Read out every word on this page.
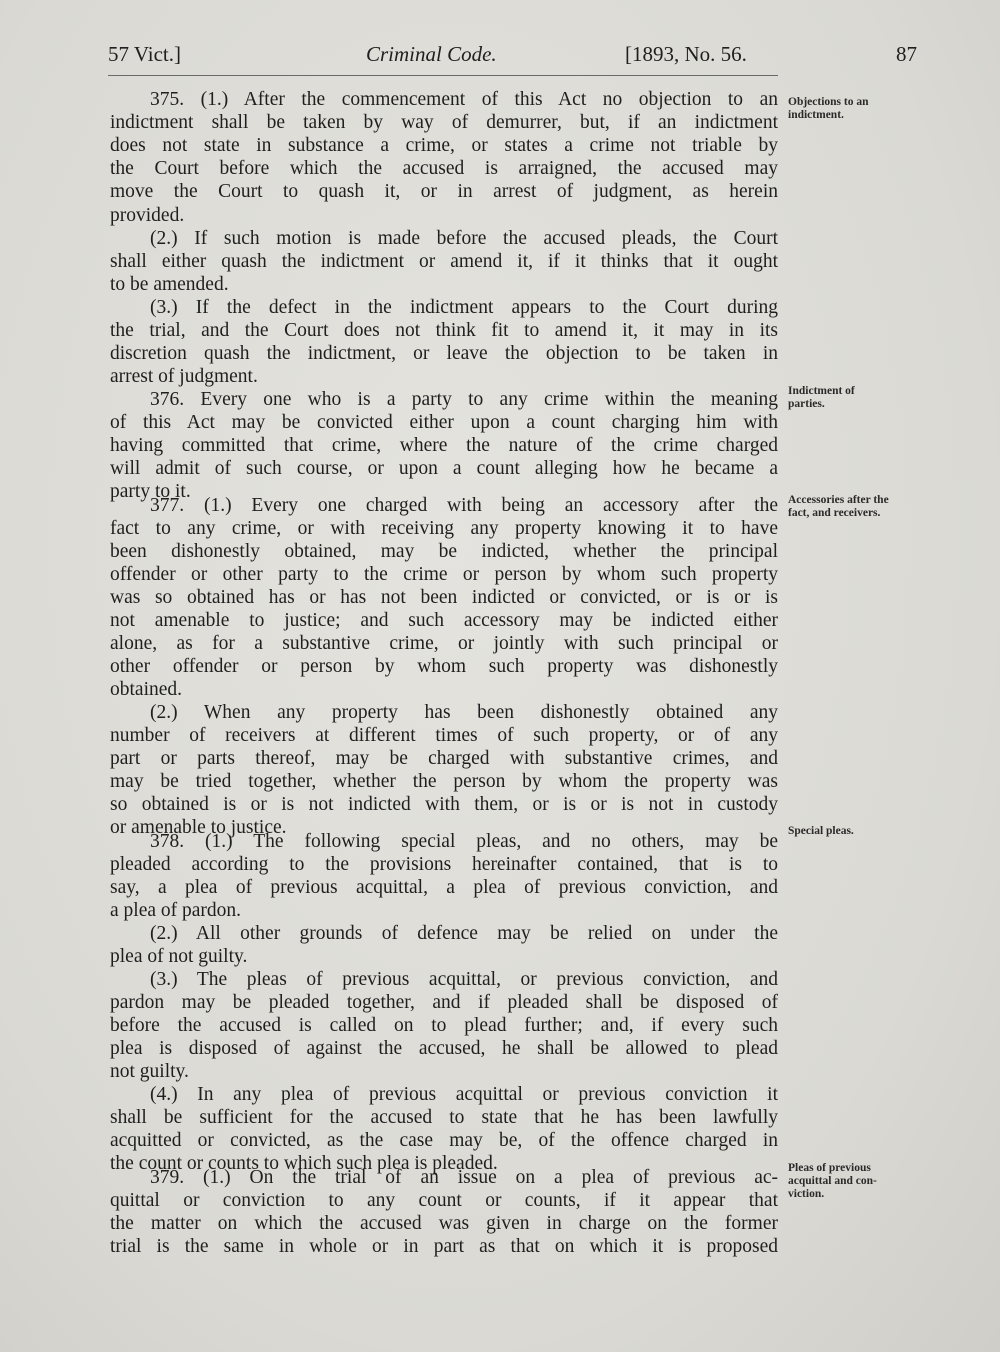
57 Vict.]	Criminal Code.	[1893, No. 56.	87
375. (1.) After the commencement of this Act no objection to an
indictment shall be taken by way of demurrer, but, if an indictment
does not state in substance a crime, or states a crime not triable by
the Court before which the accused is arraigned, the accused may
move the Court to quash it, or in arrest of judgment, as herein
provided.
(2.) If such motion is made before the accused pleads, the Court
shall either quash the indictment or amend it, if it thinks that it ought
to be amended.
(3.) If the defect in the indictment appears to the Court during
the trial, and the Court does not think fit to amend it, it may in its
discretion quash the indictment, or leave the objection to be taken in
arrest of judgment.
376. Every one who is a party to any crime within the meaning
of this Act may be convicted either upon a count charging him with
having committed that crime, where the nature of the crime charged
will admit of such course, or upon a count alleging how he became a
party to it.
377. (1.) Every one charged with being an accessory after the
fact to any crime, or with receiving any property knowing it to have
been dishonestly obtained, may be indicted, whether the principal
offender or other party to the crime or person by whom such property
was so obtained has or has not been indicted or convicted, or is or is
not amenable to justice; and such accessory may be indicted either
alone, as for a substantive crime, or jointly with such principal or
other offender or person by whom such property was dishonestly
obtained.
(2.) When any property has been dishonestly obtained any
number of receivers at different times of such property, or of any
part or parts thereof, may be charged with substantive crimes, and
may be tried together, whether the person by whom the property was
so obtained is or is not indicted with them, or is or is not in custody
or amenable to justice.
378. (1.) The following special pleas, and no others, may be
pleaded according to the provisions hereinafter contained, that is to
say, a plea of previous acquittal, a plea of previous conviction, and
a plea of pardon.
(2.) All other grounds of defence may be relied on under the
plea of not guilty.
(3.) The pleas of previous acquittal, or previous conviction, and
pardon may be pleaded together, and if pleaded shall be disposed of
before the accused is called on to plead further; and, if every such
plea is disposed of against the accused, he shall be allowed to plead
not guilty.
(4.) In any plea of previous acquittal or previous conviction it
shall be sufficient for the accused to state that he has been lawfully
acquitted or convicted, as the case may be, of the offence charged in
the count or counts to which such plea is pleaded.
379. (1.) On the trial of an issue on a plea of previous ac-
quittal or conviction to any count or counts, if it appear that
the matter on which the accused was given in charge on the former
trial is the same in whole or in part as that on which it is proposed
Objections to an
indictment.
Indictment of
parties.
Accessories after the
fact, and receivers.
Special pleas.
Pleas of previous
acquittal and con-
viction.
